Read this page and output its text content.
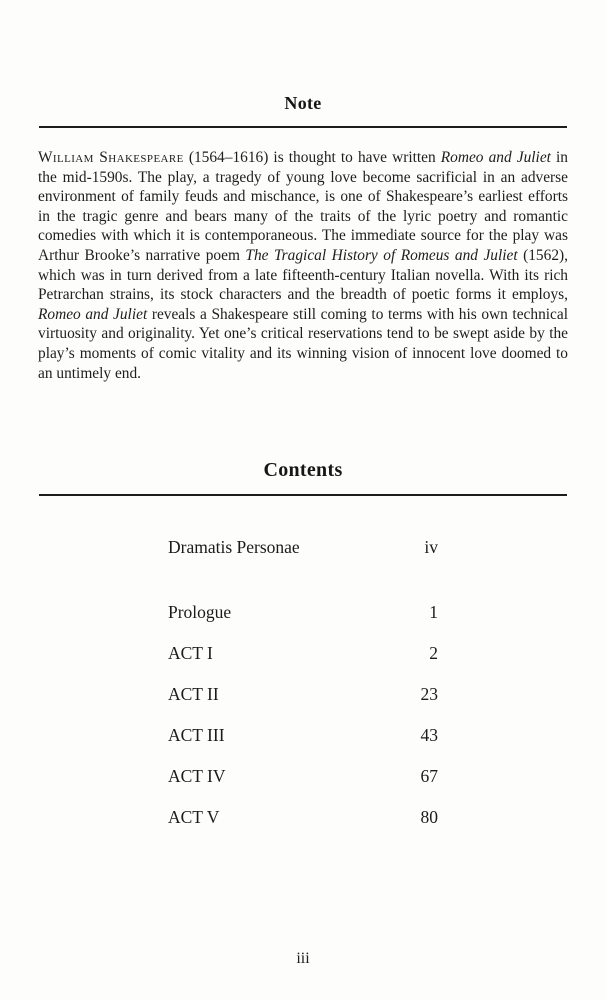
Note

William Shakespeare (1564–1616) is thought to have written Romeo and Juliet in the mid-1590s. The play, a tragedy of young love become sacrificial in an adverse environment of family feuds and mischance, is one of Shakespeare’s earliest efforts in the tragic genre and bears many of the traits of the lyric poetry and romantic comedies with which it is contemporaneous. The immediate source for the play was Arthur Brooke’s narrative poem The Tragical History of Romeus and Juliet (1562), which was in turn derived from a late fifteenth-century Italian novella. With its rich Petrarchan strains, its stock characters and the breadth of poetic forms it employs, Romeo and Juliet reveals a Shakespeare still coming to terms with his own technical virtuosity and originality. Yet one’s critical reservations tend to be swept aside by the play’s moments of comic vitality and its winning vision of innocent love doomed to an untimely end.

Contents
Dramatis Personae	iv
Prologue	1
ACT I	2
ACT II	23
ACT III	43
ACT IV	67
ACT V	80
iii
